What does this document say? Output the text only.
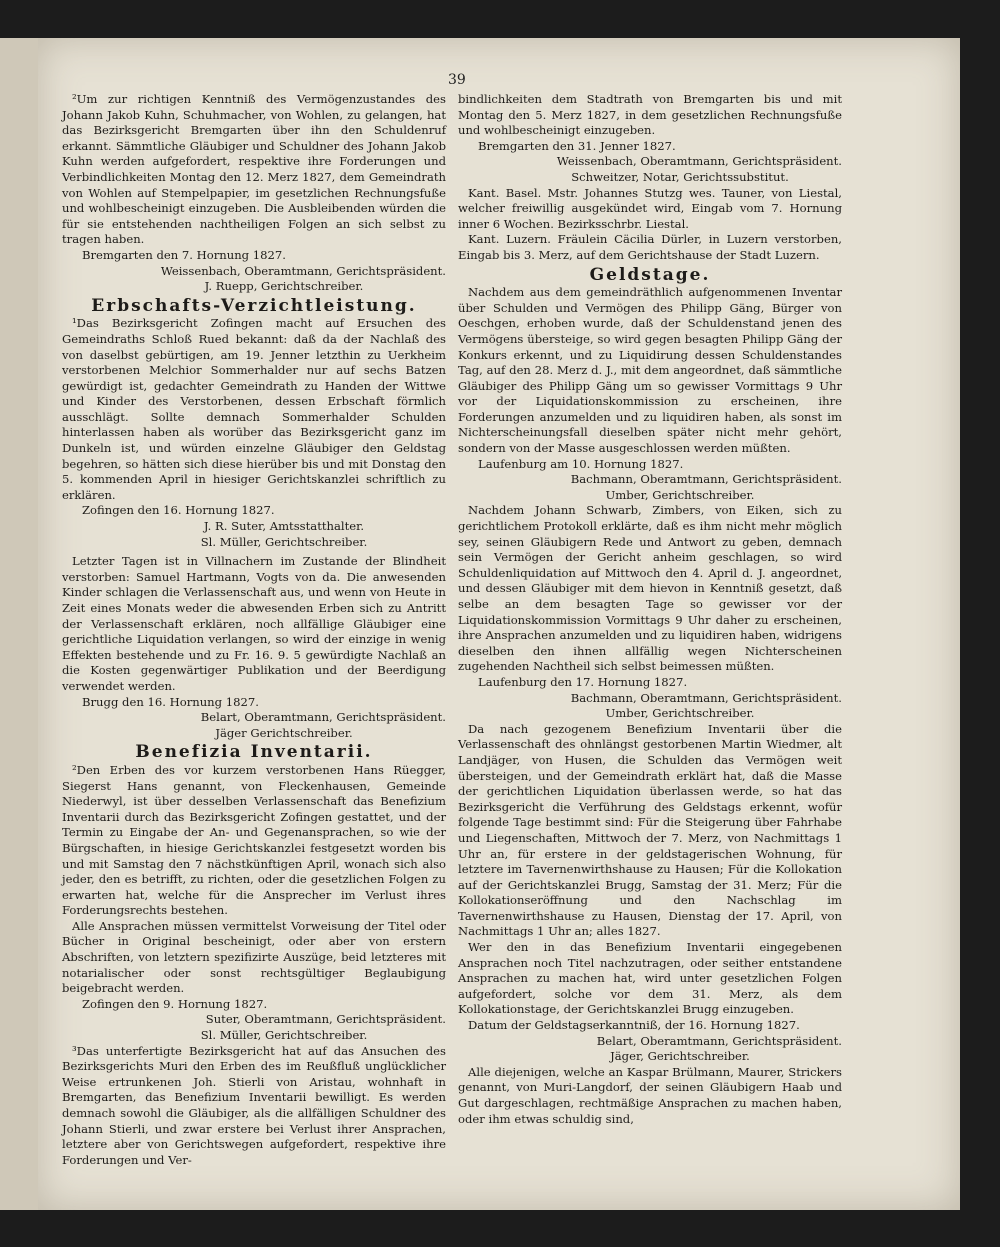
39

²Um zur richtigen Kenntniß des Vermögenzustandes des Johann Jakob Kuhn, Schuhmacher, von Wohlen, zu gelangen, hat das Bezirksgericht Bremgarten über ihn den Schuldenruf erkannt. Sämmtliche Gläubiger und Schuldner des Johann Jakob Kuhn werden aufgefordert, respektive ihre Forderungen und Verbindlichkeiten Montag den 12. Merz 1827, dem Gemeindrath von Wohlen auf Stempelpapier, im gesetzlichen Rechnungsfuße und wohlbescheinigt einzugeben. Die Ausbleibenden würden die für sie entstehenden nachtheiligen Folgen an sich selbst zu tragen haben.

Bremgarten den 7. Hornung 1827.

Weissenbach, Oberamtmann, Gerichtspräsident.

J. Ruepp, Gerichtschreiber.

Erbschafts-Verzichtleistung.

¹Das Bezirksgericht Zofingen macht auf Ersuchen des Gemeindraths Schloß Rued bekannt: daß da der Nachlaß des von daselbst gebürtigen, am 19. Jenner letzthin zu Uerkheim verstorbenen Melchior Sommerhalder nur auf sechs Batzen gewürdigt ist, gedachter Gemeindrath zu Handen der Wittwe und Kinder des Verstorbenen, dessen Erbschaft förmlich ausschlägt. Sollte demnach Sommerhalder Schulden hinterlassen haben als worüber das Bezirksgericht ganz im Dunkeln ist, und würden einzelne Gläubiger den Geldstag begehren, so hätten sich diese hierüber bis und mit Donstag den 5. kommenden April in hiesiger Gerichtskanzlei schriftlich zu erklären.

Zofingen den 16. Hornung 1827.

J. R. Suter, Amtsstatthalter.

Sl. Müller, Gerichtschreiber.

Letzter Tagen ist in Villnachern im Zustande der Blindheit verstorben: Samuel Hartmann, Vogts von da. Die anwesenden Kinder schlagen die Verlassenschaft aus, und wenn von Heute in Zeit eines Monats weder die abwesenden Erben sich zu Antritt der Verlassenschaft erklären, noch allfällige Gläubiger eine gerichtliche Liquidation verlangen, so wird der einzige in wenig Effekten bestehende und zu Fr. 16. 9. 5 gewürdigte Nachlaß an die Kosten gegenwärtiger Publikation und der Beerdigung verwendet werden.

Brugg den 16. Hornung 1827.

Belart, Oberamtmann, Gerichtspräsident.

Jäger Gerichtschreiber.

Benefizia Inventarii.

²Den Erben des vor kurzem verstorbenen Hans Rüegger, Siegerst Hans genannt, von Fleckenhausen, Gemeinde Niederwyl, ist über desselben Verlassenschaft das Benefizium Inventarii durch das Bezirksgericht Zofingen gestattet, und der Termin zu Eingabe der An- und Gegenansprachen, so wie der Bürgschaften, in hiesige Gerichtskanzlei festgesetzt worden bis und mit Samstag den 7 nächstkünftigen April, wonach sich also jeder, den es betrifft, zu richten, oder die gesetzlichen Folgen zu erwarten hat, welche für die Ansprecher im Verlust ihres Forderungsrechts bestehen.

Alle Ansprachen müssen vermittelst Vorweisung der Titel oder Bücher in Original bescheinigt, oder aber von erstern Abschriften, von letztern spezifizirte Auszüge, beid letzteres mit notarialischer oder sonst rechtsgültiger Beglaubigung beigebracht werden.

Zofingen den 9. Hornung 1827.

Suter, Oberamtmann, Gerichtspräsident.

Sl. Müller, Gerichtschreiber.

³Das unterfertigte Bezirksgericht hat auf das Ansuchen des Bezirksgerichts Muri den Erben des im Reußfluß unglücklicher Weise ertrunkenen Joh. Stierli von Aristau, wohnhaft in Bremgarten, das Benefizium Inventarii bewilligt. Es werden demnach sowohl die Gläubiger, als die allfälligen Schuldner des Johann Stierli, und zwar erstere bei Verlust ihrer Ansprachen, letztere aber von Gerichtswegen aufgefordert, respektive ihre Forderungen und Ver-

bindlichkeiten dem Stadtrath von Bremgarten bis und mit Montag den 5. Merz 1827, in dem gesetzlichen Rechnungsfuße und wohlbescheinigt einzugeben.

Bremgarten den 31. Jenner 1827.

Weissenbach, Oberamtmann, Gerichtspräsident.

Schweitzer, Notar, Gerichtssubstitut.

Kant. Basel. Mstr. Johannes Stutzg wes. Tauner, von Liestal, welcher freiwillig ausgekündet wird, Eingab vom 7. Hornung inner 6 Wochen. Bezirksschrbr. Liestal.

Kant. Luzern. Fräulein Cäcilia Dürler, in Luzern verstorben, Eingab bis 3. Merz, auf dem Gerichtshause der Stadt Luzern.

Geldstage.

Nachdem aus dem gemeindräthlich aufgenommenen Inventar über Schulden und Vermögen des Philipp Gäng, Bürger von Oeschgen, erhoben wurde, daß der Schuldenstand jenen des Vermögens übersteige, so wird gegen besagten Philipp Gäng der Konkurs erkennt, und zu Liquidirung dessen Schuldenstandes Tag, auf den 28. Merz d. J., mit dem angeordnet, daß sämmtliche Gläubiger des Philipp Gäng um so gewisser Vormittags 9 Uhr vor der Liquidationskommission zu erscheinen, ihre Forderungen anzumelden und zu liquidiren haben, als sonst im Nichterscheinungsfall dieselben später nicht mehr gehört, sondern von der Masse ausgeschlossen werden müßten.

Laufenburg am 10. Hornung 1827.

Bachmann, Oberamtmann, Gerichtspräsident.

Umber, Gerichtschreiber.

Nachdem Johann Schwarb, Zimbers, von Eiken, sich zu gerichtlichem Protokoll erklärte, daß es ihm nicht mehr möglich sey, seinen Gläubigern Rede und Antwort zu geben, demnach sein Vermögen der Gericht anheim geschlagen, so wird Schuldenliquidation auf Mittwoch den 4. April d. J. angeordnet, und dessen Gläubiger mit dem hievon in Kenntniß gesetzt, daß selbe an dem besagten Tage so gewisser vor der Liquidationskommission Vormittags 9 Uhr daher zu erscheinen, ihre Ansprachen anzumelden und zu liquidiren haben, widrigens dieselben den ihnen allfällig wegen Nichterscheinen zugehenden Nachtheil sich selbst beimessen müßten.

Laufenburg den 17. Hornung 1827.

Bachmann, Oberamtmann, Gerichtspräsident.

Umber, Gerichtschreiber.

Da nach gezogenem Benefizium Inventarii über die Verlassenschaft des ohnlängst gestorbenen Martin Wiedmer, alt Landjäger, von Husen, die Schulden das Vermögen weit übersteigen, und der Gemeindrath erklärt hat, daß die Masse der gerichtlichen Liquidation überlassen werde, so hat das Bezirksgericht die Verführung des Geldstags erkennt, wofür folgende Tage bestimmt sind: Für die Steigerung über Fahrhabe und Liegenschaften, Mittwoch der 7. Merz, von Nachmittags 1 Uhr an, für erstere in der geldstagerischen Wohnung, für letztere im Tavernenwirthshause zu Hausen; Für die Kollokation auf der Gerichtskanzlei Brugg, Samstag der 31. Merz; Für die Kollokationseröffnung und den Nachschlag im Tavernenwirthshause zu Hausen, Dienstag der 17. April, von Nachmittags 1 Uhr an; alles 1827.

Wer den in das Benefizium Inventarii eingegebenen Ansprachen noch Titel nachzutragen, oder seither entstandene Ansprachen zu machen hat, wird unter gesetzlichen Folgen aufgefordert, solche vor dem 31. Merz, als dem Kollokationstage, der Gerichtskanzlei Brugg einzugeben.

Datum der Geldstagserkanntniß, der 16. Hornung 1827.

Belart, Oberamtmann, Gerichtspräsident.

Jäger, Gerichtschreiber.

Alle diejenigen, welche an Kaspar Brülmann, Maurer, Strickers genannt, von Muri-Langdorf, der seinen Gläubigern Haab und Gut dargeschlagen, rechtmäßige Ansprachen zu machen haben, oder ihm etwas schuldig sind,
